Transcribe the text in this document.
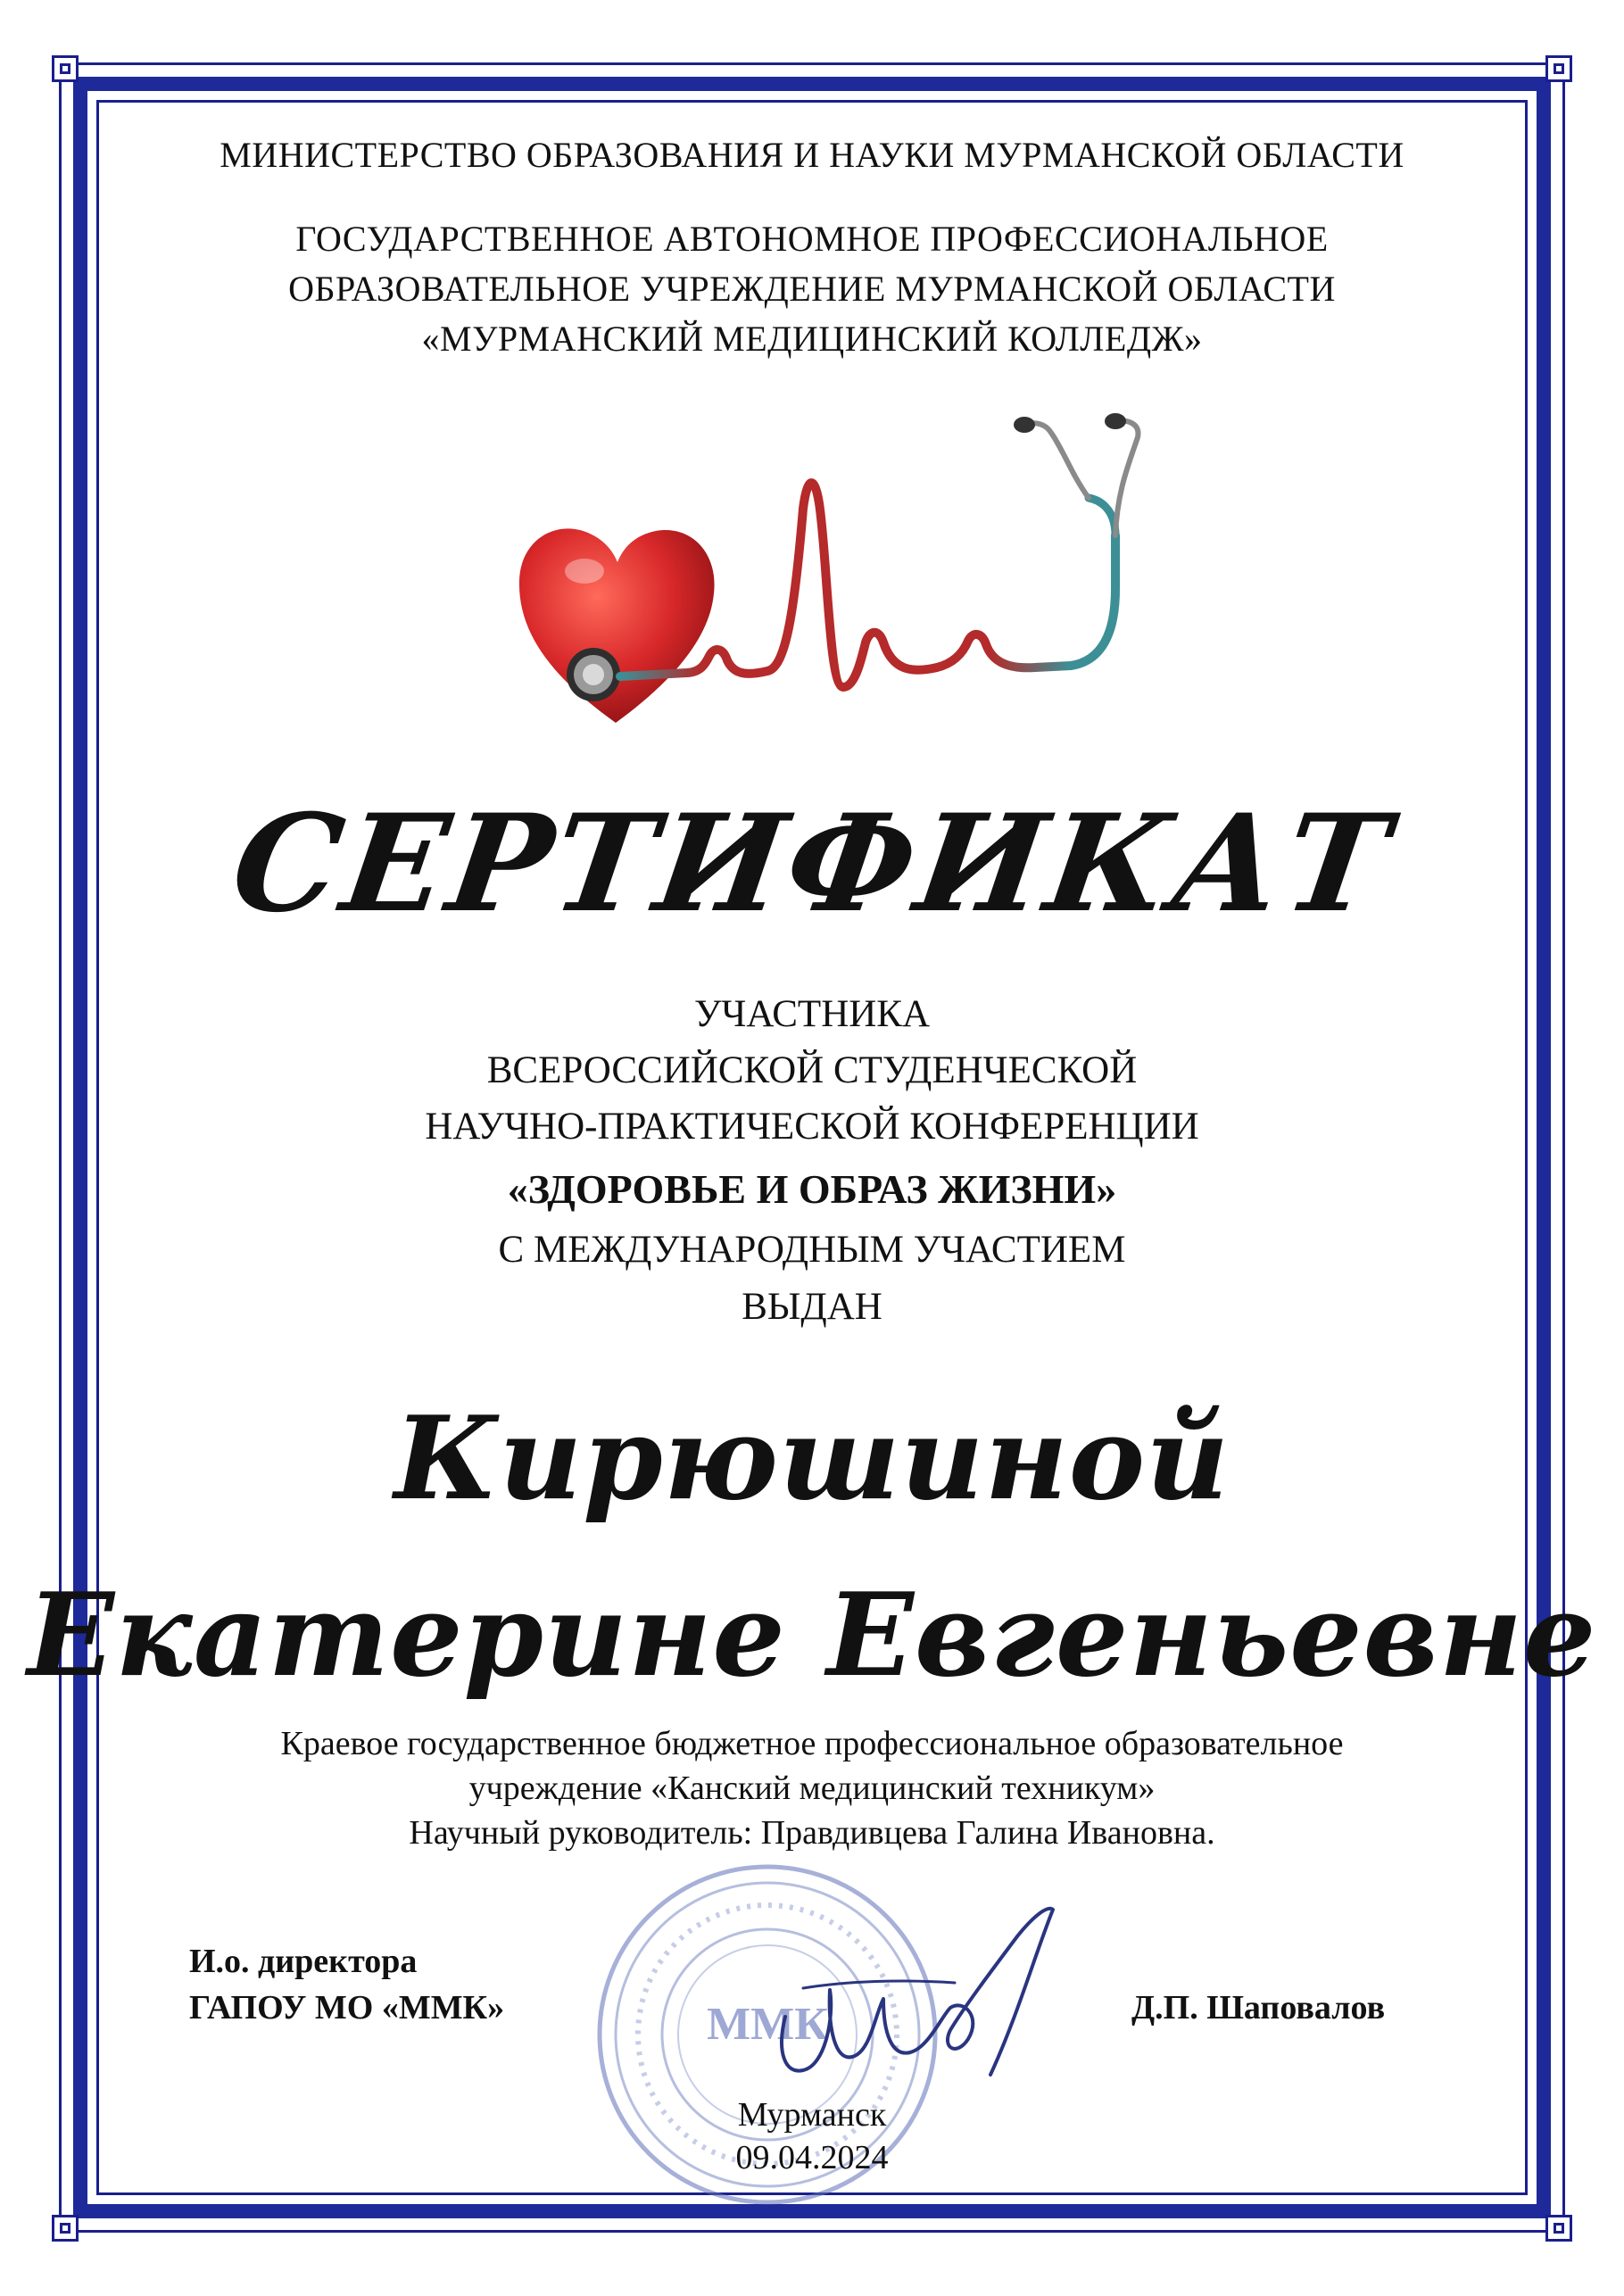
МИНИСТЕРСТВО ОБРАЗОВАНИЯ И НАУКИ МУРМАНСКОЙ ОБЛАСТИ
ГОСУДАРСТВЕННОЕ АВТОНОМНОЕ ПРОФЕССИОНАЛЬНОЕ
ОБРАЗОВАТЕЛЬНОЕ УЧРЕЖДЕНИЕ МУРМАНСКОЙ ОБЛАСТИ
«МУРМАНСКИЙ МЕДИЦИНСКИЙ КОЛЛЕДЖ»
СЕРТИФИКАТ
УЧАСТНИКА
ВСЕРОССИЙСКОЙ СТУДЕНЧЕСКОЙ
НАУЧНО-ПРАКТИЧЕСКОЙ КОНФЕРЕНЦИИ
«ЗДОРОВЬЕ И ОБРАЗ ЖИЗНИ»
С МЕЖДУНАРОДНЫМ УЧАСТИЕМ
ВЫДАН
Кирюшиной
Екатерине Евгеньевне
Краевое государственное бюджетное профессиональное образовательное
учреждение «Канский медицинский техникум»
Научный руководитель: Правдивцева Галина Ивановна.
ММК
И.о. директора
ГАПОУ МО «ММК»	Д.П. Шаповалов
Мурманск
09.04.2024
